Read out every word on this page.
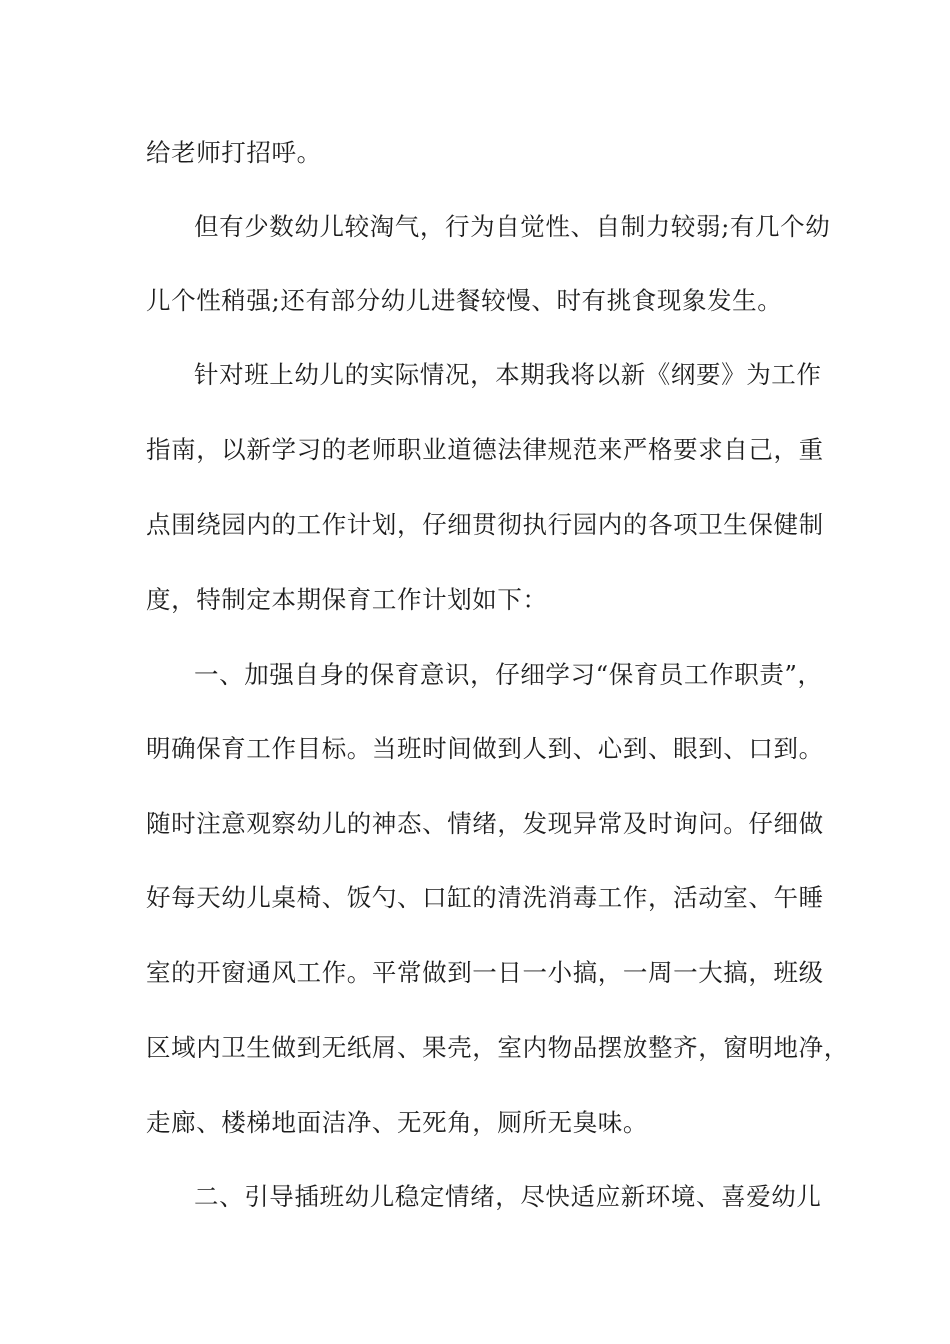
给老师打招呼。
但有少数幼儿较淘气，行为自觉性、自制力较弱;有几个幼
儿个性稍强;还有部分幼儿进餐较慢、时有挑食现象发生。
针对班上幼儿的实际情况，本期我将以新《纲要》为工作
指南，以新学习的老师职业道德法律规范来严格要求自己，重
点围绕园内的工作计划，仔细贯彻执行园内的各项卫生保健制
度，特制定本期保育工作计划如下：
一、加强自身的保育意识，仔细学习“保育员工作职责”，
明确保育工作目标。当班时间做到人到、心到、眼到、口到。
随时注意观察幼儿的神态、情绪，发现异常及时询问。仔细做
好每天幼儿桌椅、饭勺、口缸的清洗消毒工作，活动室、午睡
室的开窗通风工作。平常做到一日一小搞，一周一大搞，班级
区域内卫生做到无纸屑、果壳，室内物品摆放整齐，窗明地净，
走廊、楼梯地面洁净、无死角，厕所无臭味。
二、引导插班幼儿稳定情绪，尽快适应新环境、喜爱幼儿
